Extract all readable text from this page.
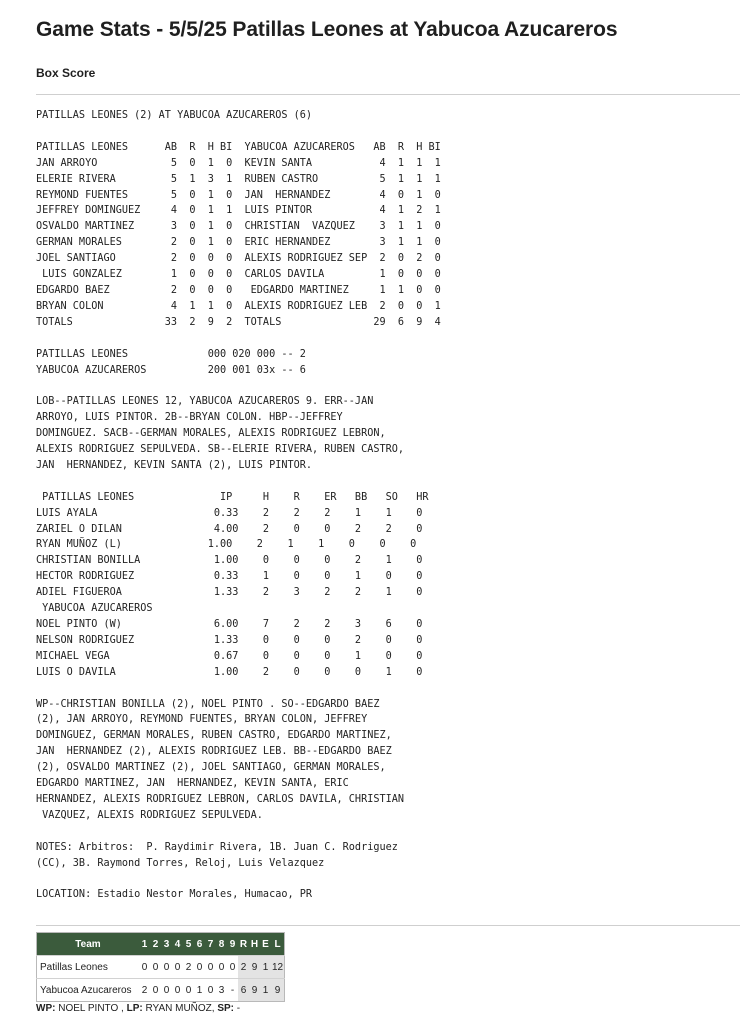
Game Stats - 5/5/25 Patillas Leones at Yabucoa Azucareros
Box Score
PATILLAS LEONES (2) AT YABUCOA AZUCAREROS (6)

PATILLAS LEONES      AB  R  H BI  YABUCOA AZUCAREROS   AB  R  H BI
JAN ARROYO            5  0  1  0  KEVIN SANTA           4  1  1  1
ELERIE RIVERA         5  1  3  1  RUBEN CASTRO          5  1  1  1
REYMOND FUENTES       5  0  1  0  JAN  HERNANDEZ        4  0  1  0
JEFFREY DOMINGUEZ     4  0  1  1  LUIS PINTOR           4  1  2  1
OSVALDO MARTINEZ      3  0  1  0  CHRISTIAN  VAZQUEZ    3  1  1  0
GERMAN MORALES        2  0  1  0  ERIC HERNANDEZ        3  1  1  0
JOEL SANTIAGO         2  0  0  0  ALEXIS RODRIGUEZ SEP  2  0  2  0
LUIS GONZALEZ        1  0  0  0  CARLOS DAVILA         1  0  0  0
EDGARDO BAEZ          2  0  0  0   EDGARDO MARTINEZ     1  1  0  0
BRYAN COLON           4  1  1  0  ALEXIS RODRIGUEZ LEB  2  0  0  1
TOTALS               33  2  9  2  TOTALS               29  6  9  4

PATILLAS LEONES             000 020 000 -- 2
YABUCOA AZUCAREROS          200 001 03x -- 6

LOB--PATILLAS LEONES 12, YABUCOA AZUCAREROS 9. ERR--JAN
ARROYO, LUIS PINTOR. 2B--BRYAN COLON. HBP--JEFFREY
DOMINGUEZ. SACB--GERMAN MORALES, ALEXIS RODRIGUEZ LEBRON,
ALEXIS RODRIGUEZ SEPULVEDA. SB--ELERIE RIVERA, RUBEN CASTRO,
JAN  HERNANDEZ, KEVIN SANTA (2), LUIS PINTOR.

PATILLAS LEONES              IP     H    R    ER   BB   SO   HR
LUIS AYALA                   0.33    2    2    2    1    1    0
ZARIEL O DILAN               4.00    2    0    0    2    2    0
RYAN MUÑOZ (L)              1.00    2    1    1    0    0    0
CHRISTIAN BONILLA            1.00    0    0    0    2    1    0
HECTOR RODRIGUEZ             0.33    1    0    0    1    0    0
ADIEL FIGUEROA               1.33    2    3    2    2    1    0
YABUCOA AZUCAREROS
NOEL PINTO (W)               6.00    7    2    2    3    6    0
NELSON RODRIGUEZ             1.33    0    0    0    2    0    0
MICHAEL VEGA                 0.67    0    0    0    1    0    0
LUIS O DAVILA                1.00    2    0    0    0    1    0

WP--CHRISTIAN BONILLA (2), NOEL PINTO . SO--EDGARDO BAEZ
(2), JAN ARROYO, REYMOND FUENTES, BRYAN COLON, JEFFREY
DOMINGUEZ, GERMAN MORALES, RUBEN CASTRO, EDGARDO MARTINEZ,
JAN  HERNANDEZ (2), ALEXIS RODRIGUEZ LEB. BB--EDGARDO BAEZ
(2), OSVALDO MARTINEZ (2), JOEL SANTIAGO, GERMAN MORALES,
EDGARDO MARTINEZ, JAN  HERNANDEZ, KEVIN SANTA, ERIC
HERNANDEZ, ALEXIS RODRIGUEZ LEBRON, CARLOS DAVILA, CHRISTIAN
VAZQUEZ, ALEXIS RODRIGUEZ SEPULVEDA.

NOTES: Arbitros:  P. Raydimir Rivera, 1B. Juan C. Rodriguez
(CC), 3B. Raymond Torres, Reloj, Luis Velazquez

LOCATION: Estadio Nestor Morales, Humacao, PR

Team	1	2	3	4	5	6	7	8	9	R	H	E	L
Patillas Leones	0	0	0	0	2	0	0	0	0	2	9	1	12
Yabucoa Azucareros	2	0	0	0	0	1	0	3	-	6	9	1	9
WP: NOEL PINTO , LP: RYAN MUÑOZ, SP: -
